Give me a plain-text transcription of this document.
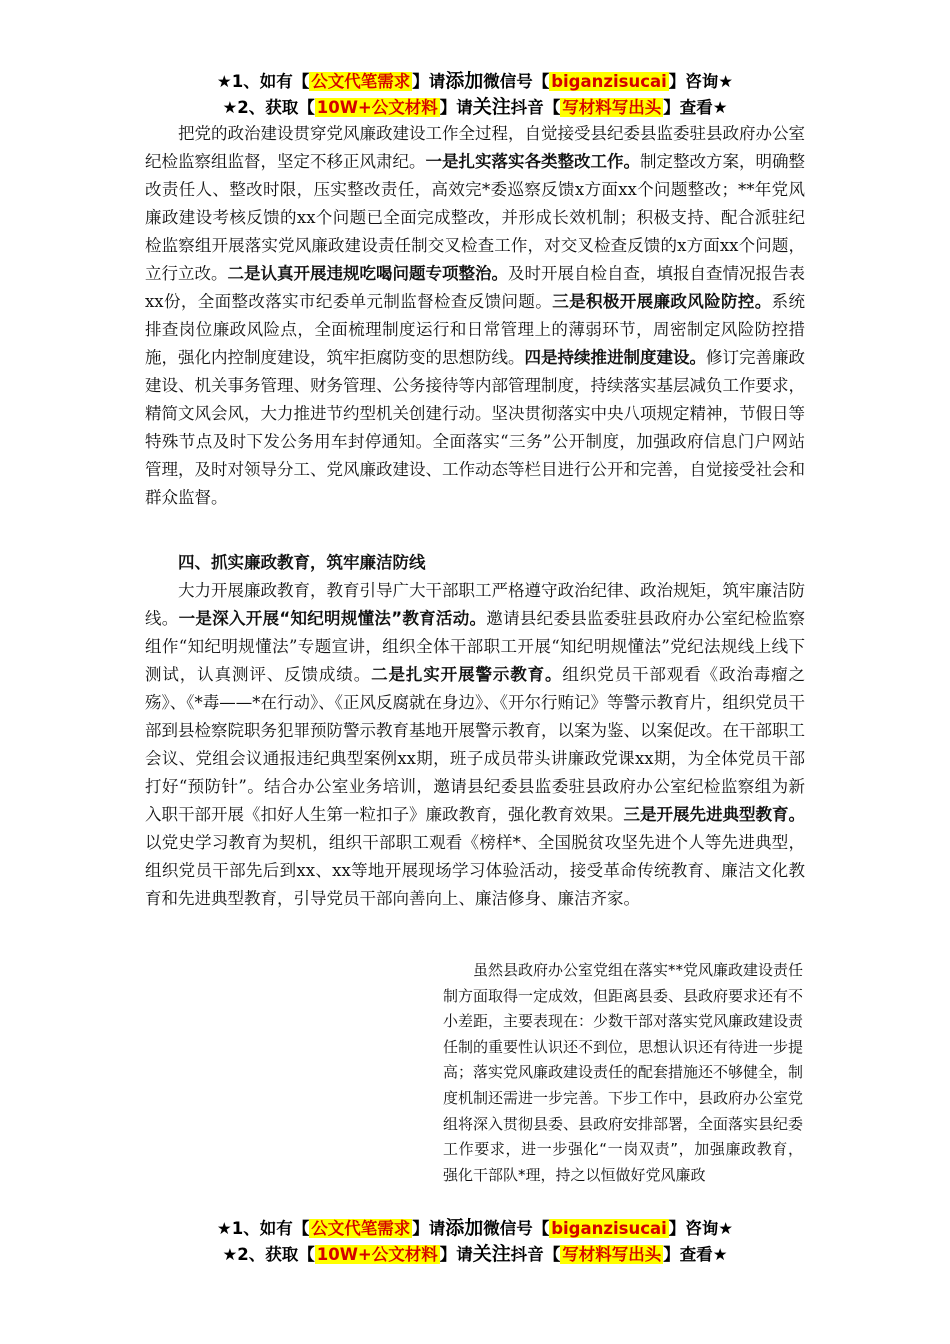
★1、如有【 公文代笔需求 】请添加微信号【 biganzisucai 】咨询★
★2、获取【 10W+公文材料 】请关注抖音【 写材料写出头 】查看★

把党的政治建设贯穿党风廉政建设工作全过程，自觉接受县纪委县监委驻县政府办公室纪检监察组监督，坚定不移正风肃纪。一是扎实落实各类整改工作。制定整改方案，明确整改责任人、整改时限，压实整改责任，高效完*委巡察反馈x方面xx个问题整改；**年党风廉政建设考核反馈的xx个问题已全面完成整改，并形成长效机制；积极支持、配合派驻纪检监察组开展落实党风廉政建设责任制交叉检查工作，对交叉检查反馈的x方面xx个问题，立行立改。二是认真开展违规吃喝问题专项整治。及时开展自检自查，填报自查情况报告表xx份，全面整改落实市纪委单元制监督检查反馈问题。三是积极开展廉政风险防控。系统排查岗位廉政风险点，全面梳理制度运行和日常管理上的薄弱环节，周密制定风险防控措施，强化内控制度建设，筑牢拒腐防变的思想防线。四是持续推进制度建设。修订完善廉政建设、机关事务管理、财务管理、公务接待等内部管理制度，持续落实基层减负工作要求，精简文风会风，大力推进节约型机关创建行动。坚决贯彻落实中央八项规定精神，节假日等特殊节点及时下发公务用车封停通知。全面落实“三务”公开制度，加强政府信息门户网站管理，及时对领导分工、党风廉政建设、工作动态等栏目进行公开和完善，自觉接受社会和群众监督。

四、抓实廉政教育，筑牢廉洁防线

大力开展廉政教育，教育引导广大干部职工严格遵守政治纪律、政治规矩，筑牢廉洁防线。一是深入开展“知纪明规懂法”教育活动。邀请县纪委县监委驻县政府办公室纪检监察组作“知纪明规懂法”专题宣讲，组织全体干部职工开展“知纪明规懂法”党纪法规线上线下测试，认真测评、反馈成绩。二是扎实开展警示教育。组织党员干部观看《政治毒瘤之殇》、《*毒——*在行动》、《正风反腐就在身边》、《开尔行贿记》等警示教育片，组织党员干部到县检察院职务犯罪预防警示教育基地开展警示教育，以案为鉴、以案促改。在干部职工会议、党组会议通报违纪典型案例xx期，班子成员带头讲廉政党课xx期，为全体党员干部打好“预防针”。结合办公室业务培训，邀请县纪委县监委驻县政府办公室纪检监察组为新入职干部开展《扣好人生第一粒扣子》廉政教育，强化教育效果。三是开展先进典型教育。以党史学习教育为契机，组织干部职工观看《榜样*、全国脱贫攻坚先进个人等先进典型，组织党员干部先后到xx、xx等地开展现场学习体验活动，接受革命传统教育、廉洁文化教育和先进典型教育，引导党员干部向善向上、廉洁修身、廉洁齐家。

虽然县政府办公室党组在落实**党风廉政建设责任制方面取得一定成效，但距离县委、县政府要求还有不小差距，主要表现在：少数干部对落实党风廉政建设责任制的重要性认识还不到位，思想认识还有待进一步提高；落实党风廉政建设责任的配套措施还不够健全，制度机制还需进一步完善。下步工作中，县政府办公室党组将深入贯彻县委、县政府安排部署，全面落实县纪委工作要求，进一步强化“一岗双责”，加强廉政教育，强化干部队*理，持之以恒做好党风廉政

★1、如有【 公文代笔需求 】请添加微信号【 biganzisucai 】咨询★
★2、获取【 10W+公文材料 】请关注抖音【 写材料写出头 】查看★
